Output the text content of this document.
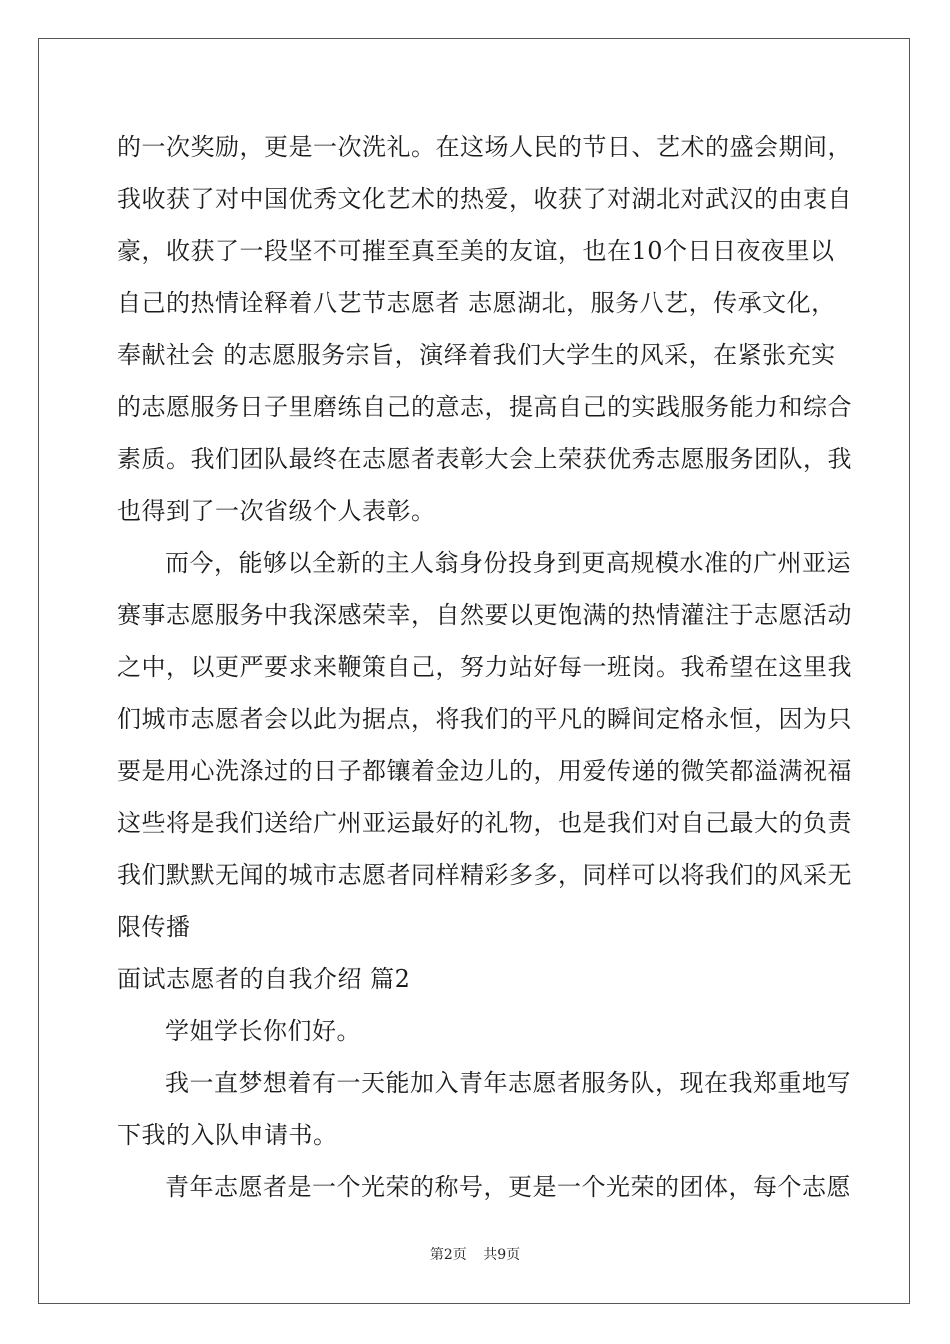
的一次奖励，更是一次洗礼。在这场人民的节日、艺术的盛会期间，
我收获了对中国优秀文化艺术的热爱，收获了对湖北对武汉的由衷自
豪，收获了一段坚不可摧至真至美的友谊，也在10个日日夜夜里以
自己的热情诠释着八艺节志愿者 志愿湖北，服务八艺，传承文化，
奉献社会 的志愿服务宗旨，演绎着我们大学生的风采，在紧张充实
的志愿服务日子里磨练自己的意志，提高自己的实践服务能力和综合
素质。我们团队最终在志愿者表彰大会上荣获优秀志愿服务团队，我
也得到了一次省级个人表彰。
而今，能够以全新的主人翁身份投身到更高规模水准的广州亚运
赛事志愿服务中我深感荣幸，自然要以更饱满的热情灌注于志愿活动
之中，以更严要求来鞭策自己，努力站好每一班岗。我希望在这里我
们城市志愿者会以此为据点，将我们的平凡的瞬间定格永恒，因为只
要是用心洗涤过的日子都镶着金边儿的，用爱传递的微笑都溢满祝福
这些将是我们送给广州亚运最好的礼物，也是我们对自己最大的负责
我们默默无闻的城市志愿者同样精彩多多，同样可以将我们的风采无
限传播
面试志愿者的自我介绍 篇2
学姐学长你们好。
我一直梦想着有一天能加入青年志愿者服务队，现在我郑重地写
下我的入队申请书。
青年志愿者是一个光荣的称号，更是一个光荣的团体，每个志愿
第2页 共9页
